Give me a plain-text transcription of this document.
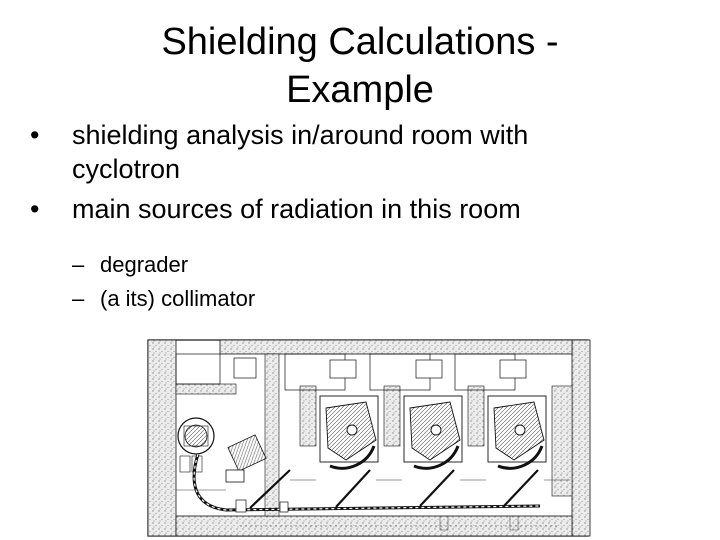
Shielding Calculations -
Example
• shielding analysis in/around room with
cyclotron
• main sources of radiation in this room
– degrader
– (a its) collimator
